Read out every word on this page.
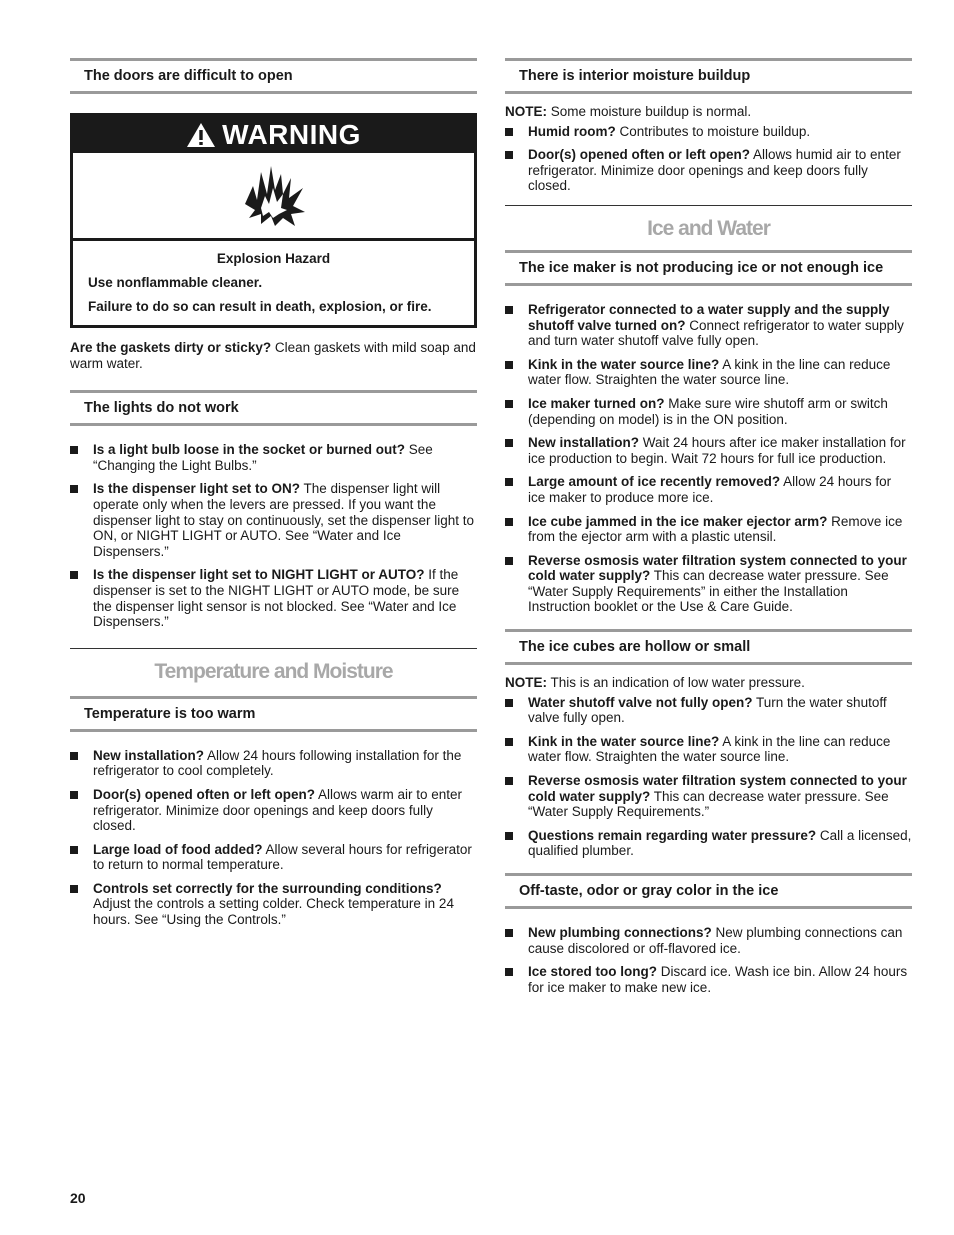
The doors are difficult to open
WARNING
Explosion Hazard
Use nonflammable cleaner.
Failure to do so can result in death, explosion, or fire.

Are the gaskets dirty or sticky? Clean gaskets with mild soap and warm water.

The lights do not work
Is a light bulb loose in the socket or burned out? See “Changing the Light Bulbs.”
Is the dispenser light set to ON? The dispenser light will operate only when the levers are pressed. If you want the dispenser light to stay on continuously, set the dispenser light to ON, or NIGHT LIGHT or AUTO. See “Water and Ice Dispensers.”
Is the dispenser light set to NIGHT LIGHT or AUTO? If the dispenser is set to the NIGHT LIGHT or AUTO mode, be sure the dispenser light sensor is not blocked. See “Water and Ice Dispensers.”
Temperature and Moisture
Temperature is too warm
New installation? Allow 24 hours following installation for the refrigerator to cool completely.
Door(s) opened often or left open? Allows warm air to enter refrigerator. Minimize door openings and keep doors fully closed.
Large load of food added? Allow several hours for refrigerator to return to normal temperature.
Controls set correctly for the surrounding conditions? Adjust the controls a setting colder. Check temperature in 24 hours. See “Using the Controls.”
There is interior moisture buildup

NOTE: Some moisture buildup is normal.

Humid room? Contributes to moisture buildup.
Door(s) opened often or left open? Allows humid air to enter refrigerator. Minimize door openings and keep doors fully closed.
Ice and Water
The ice maker is not producing ice or not enough ice
Refrigerator connected to a water supply and the supply shutoff valve turned on? Connect refrigerator to water supply and turn water shutoff valve fully open.
Kink in the water source line? A kink in the line can reduce water flow. Straighten the water source line.
Ice maker turned on? Make sure wire shutoff arm or switch (depending on model) is in the ON position.
New installation? Wait 24 hours after ice maker installation for ice production to begin. Wait 72 hours for full ice production.
Large amount of ice recently removed? Allow 24 hours for ice maker to produce more ice.
Ice cube jammed in the ice maker ejector arm? Remove ice from the ejector arm with a plastic utensil.
Reverse osmosis water filtration system connected to your cold water supply? This can decrease water pressure. See “Water Supply Requirements” in either the Installation Instruction booklet or the Use & Care Guide.
The ice cubes are hollow or small

NOTE: This is an indication of low water pressure.

Water shutoff valve not fully open? Turn the water shutoff valve fully open.
Kink in the water source line? A kink in the line can reduce water flow. Straighten the water source line.
Reverse osmosis water filtration system connected to your cold water supply? This can decrease water pressure. See “Water Supply Requirements.”
Questions remain regarding water pressure? Call a licensed, qualified plumber.
Off-taste, odor or gray color in the ice
New plumbing connections? New plumbing connections can cause discolored or off-flavored ice.
Ice stored too long? Discard ice. Wash ice bin. Allow 24 hours for ice maker to make new ice.
20
